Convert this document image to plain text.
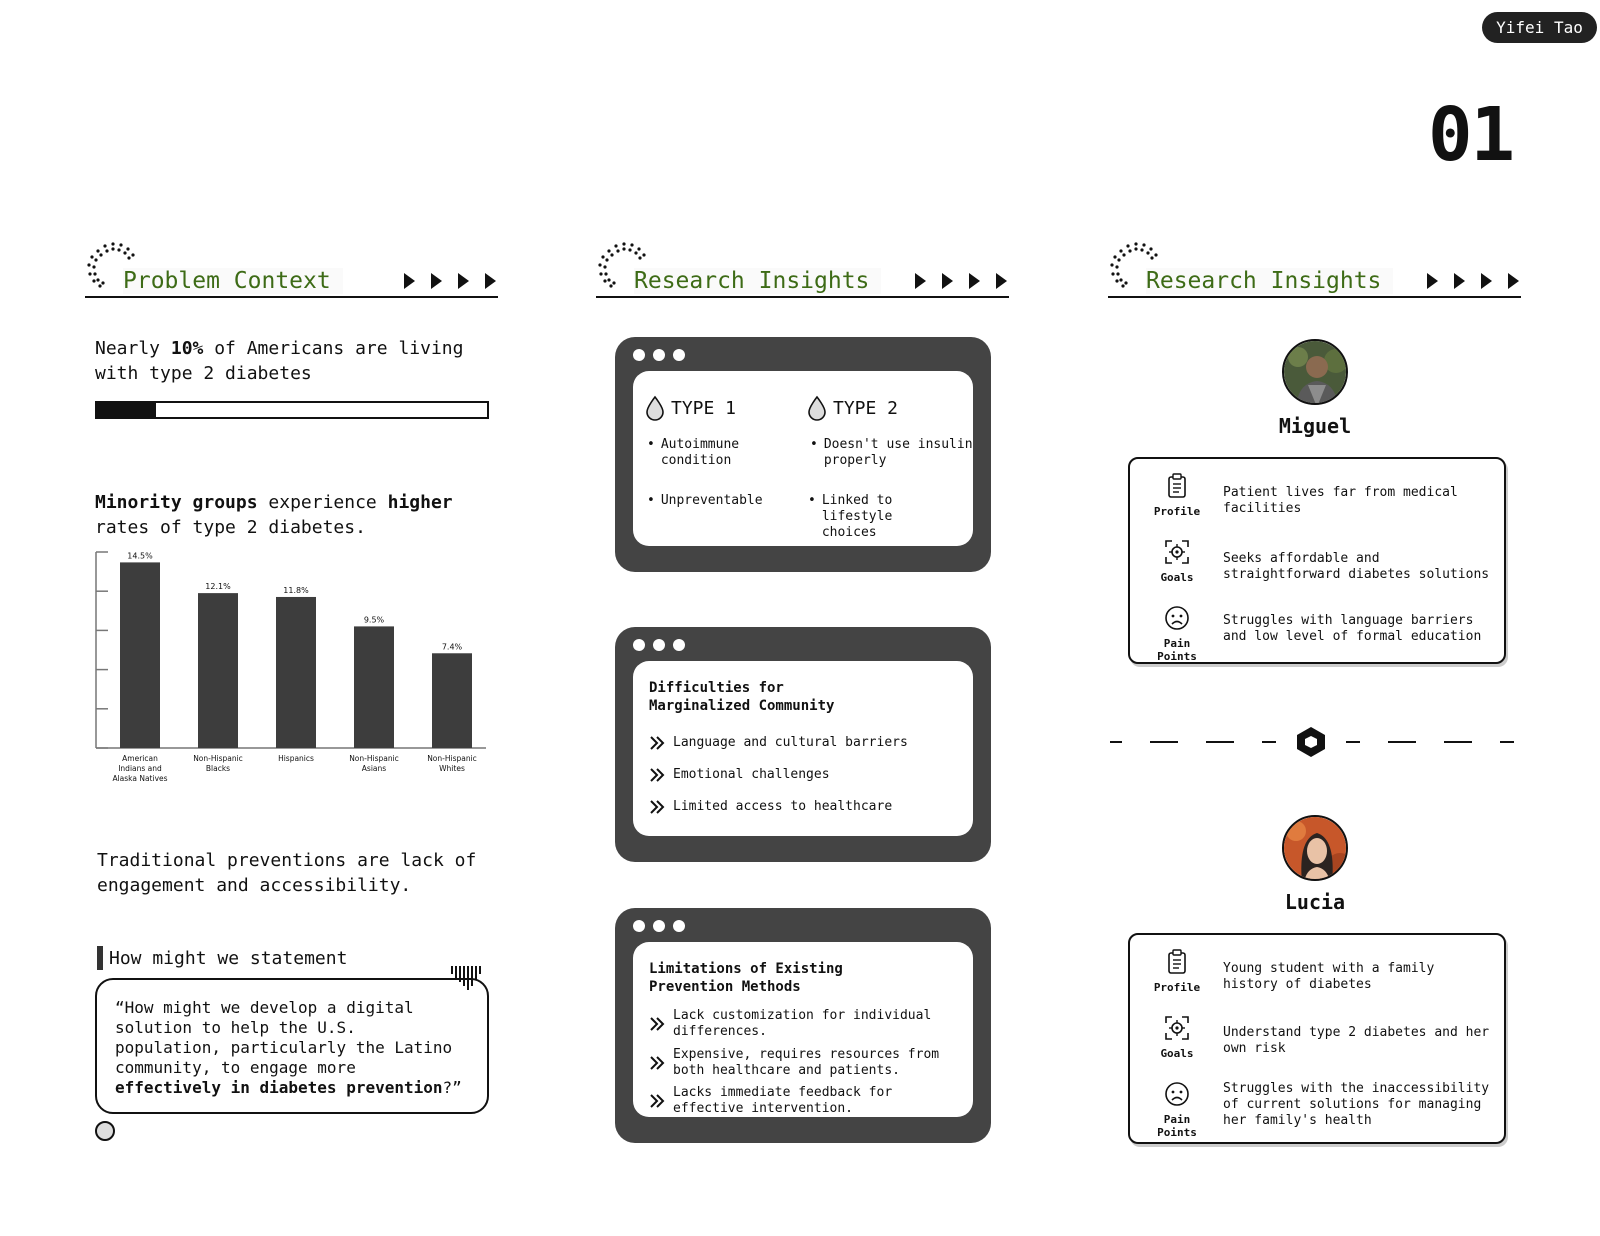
Yifei Tao
01
Problem Context	Research Insights	Research Insights
Nearly 10% of Americans are living with type 2 diabetes
Minority groups experience higher rates of type 2 diabetes.
14.5%
American
Indians and
Alaska Natives
12.1%
Non-Hispanic
Blacks
11.8%
Hispanics
9.5%
Non-Hispanic
Asians
7.4%
Non-Hispanic
Whites
Traditional preventions are lack of engagement and accessibility.
How might we statement
“How might we develop a digital solution to help the U.S. population, particularly the Latino community, to engage more effectively in diabetes prevention?”
TYPE 1
• Autoimmune condition
• Unpreventable
TYPE 2
• Doesn't use insulin properly
• Linked to lifestyle choices
Difficulties for Marginalized Community
Language and cultural barriers
Emotional challenges
Limited access to healthcare
Limitations of Existing Prevention Methods
Lack customization for individual differences.
Expensive, requires resources from both healthcare and patients.
Lacks immediate feedback for effective intervention.
Miguel
Profile
Patient lives far from medical facilities
Goals
Seeks affordable and straightforward diabetes solutions
Pain Points
Struggles with language barriers and low level of formal education
Lucia
Profile
Young student with a family history of diabetes
Goals
Understand type 2 diabetes and her own risk
Pain Points
Struggles with the inaccessibility of current solutions for managing her family's health
